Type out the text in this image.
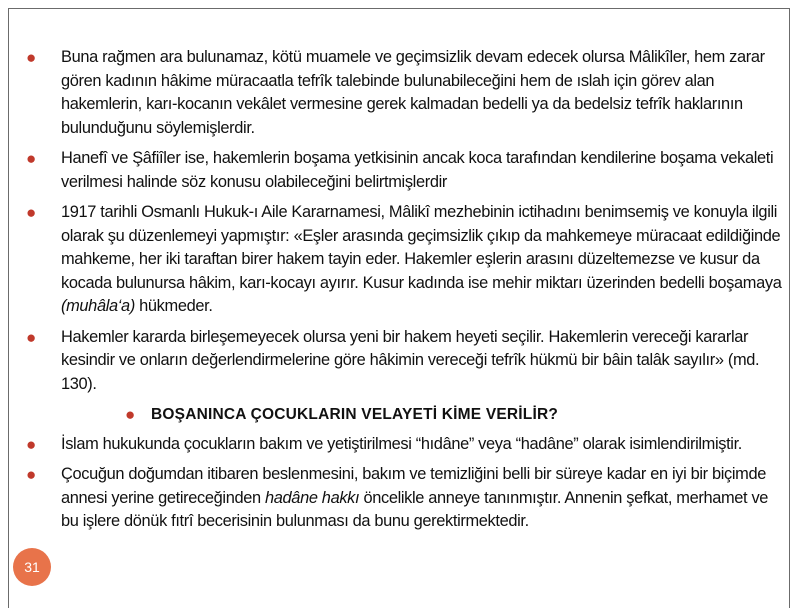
● Buna rağmen ara bulunamaz, kötü muamele ve geçimsizlik devam edecek olursa Mâlikîler, hem zarar gören kadının hâkime müracaatla tefrîk talebinde bulunabileceğini hem de ıslah için görev alan hakemlerin, karı-kocanın vekâlet vermesine gerek kalmadan bedelli ya da bedelsiz tefrîk haklarının bulunduğunu söylemişlerdir.
● Hanefî ve Şâfiîler ise, hakemlerin boşama yetkisinin ancak koca tarafından kendilerine boşama vekaleti verilmesi halinde söz konusu olabileceğini belirtmişlerdir
● 1917 tarihli Osmanlı Hukuk-ı Aile Kararnamesi, Mâlikî mezhebinin ictihadını benimsemiş ve konuyla ilgili olarak şu düzenlemeyi yapmıştır: «Eşler arasında geçimsizlik çıkıp da mahkemeye müracaat edildiğinde mahkeme, her iki taraftan birer hakem tayin eder. Hakemler eşlerin arasını düzeltemezse ve kusur da kocada bulunursa hâkim, karı-kocayı ayırır. Kusur kadında ise mehir miktarı üzerinden bedelli boşamaya (muhâla‘a) hükmeder.
● Hakemler kararda birleşemeyecek olursa yeni bir hakem heyeti seçilir. Hakemlerin vereceği kararlar kesindir ve onların değerlendirmelerine göre hâkimin vereceği tefrîk hükmü bir bâin talâk sayılır» (md. 130).
● BOŞANINCA ÇOCUKLARIN VELAYETİ KİME VERİLİR?
● İslam hukukunda çocukların bakım ve yetiştirilmesi “hıdâne” veya “hadâne” olarak isimlendirilmiştir.
● Çocuğun doğumdan itibaren beslenmesini, bakım ve temizliğini belli bir süreye kadar en iyi bir biçimde annesi yerine getireceğinden hadâne hakkı öncelikle anneye tanınmıştır. Annenin şefkat, merhamet ve bu işlere dönük fıtrî becerisinin bulunması da bunu gerektirmektedir.
31
